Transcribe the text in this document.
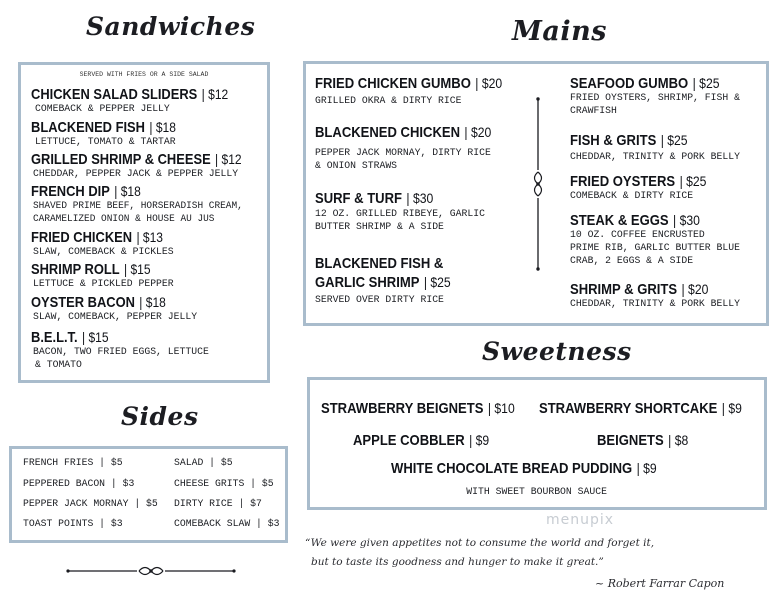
Sandwiches
SERVED WITH FRIES OR A SIDE SALAD
CHICKEN SALAD SLIDERS | $12
COMEBACK & PEPPER JELLY
BLACKENED FISH | $18
LETTUCE, TOMATO & TARTAR
GRILLED SHRIMP & CHEESE | $12
CHEDDAR, PEPPER JACK & PEPPER JELLY
FRENCH DIP | $18
SHAVED PRIME BEEF, HORSERADISH CREAM,
CARAMELIZED ONION & HOUSE AU JUS
FRIED CHICKEN | $13
SLAW, COMEBACK & PICKLES
SHRIMP ROLL | $15
LETTUCE & PICKLED PEPPER
OYSTER BACON | $18
SLAW, COMEBACK, PEPPER JELLY
B.E.L.T. | $15
BACON, TWO FRIED EGGS, LETTUCE
& TOMATO
Sides
FRENCH FRIES | $5
PEPPERED BACON | $3
PEPPER JACK MORNAY | $5
TOAST POINTS | $3
SALAD | $5
CHEESE GRITS | $5
DIRTY RICE | $7
COMEBACK SLAW | $3
Mains
FRIED CHICKEN GUMBO | $20
GRILLED OKRA & DIRTY RICE
BLACKENED CHICKEN | $20
PEPPER JACK MORNAY, DIRTY RICE
& ONION STRAWS
SURF & TURF | $30
12 OZ. GRILLED RIBEYE, GARLIC
BUTTER SHRIMP & A SIDE
BLACKENED FISH &
GARLIC SHRIMP | $25
SERVED OVER DIRTY RICE
SEAFOOD GUMBO | $25
FRIED OYSTERS, SHRIMP, FISH &
CRAWFISH
FISH & GRITS | $25
CHEDDAR, TRINITY & PORK BELLY
FRIED OYSTERS | $25
COMEBACK & DIRTY RICE
STEAK & EGGS | $30
10 OZ. COFFEE ENCRUSTED
PRIME RIB, GARLIC BUTTER BLUE
CRAB, 2 EGGS & A SIDE
SHRIMP & GRITS | $20
CHEDDAR, TRINITY & PORK BELLY
Sweetness
STRAWBERRY BEIGNETS | $10	STRAWBERRY SHORTCAKE | $9
APPLE COBBLER | $9	BEIGNETS | $8
WHITE CHOCOLATE BREAD PUDDING | $9
WITH SWEET BOURBON SAUCE
menupix
“We were given appetites not to consume the world and forget it,
but to taste its goodness and hunger to make it great.”
~ Robert Farrar Capon
